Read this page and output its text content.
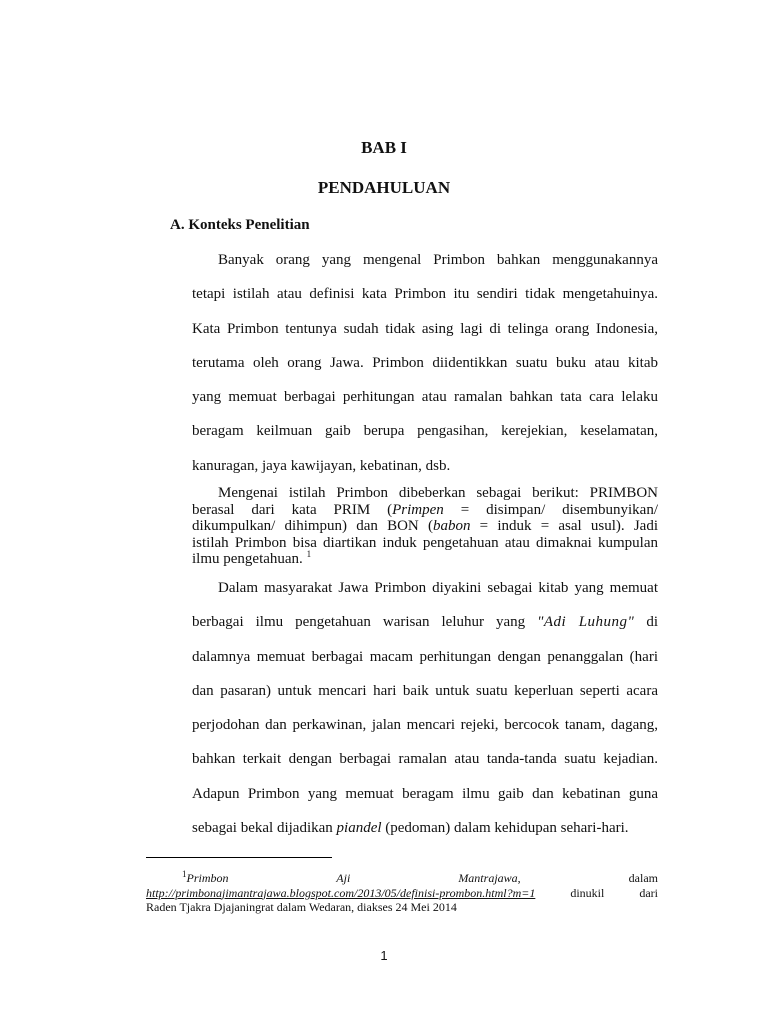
BAB I
PENDAHULUAN
A. Konteks Penelitian
Banyak orang yang mengenal Primbon bahkan menggunakannya
tetapi istilah atau definisi kata Primbon itu sendiri tidak mengetahuinya.
Kata Primbon tentunya sudah tidak asing lagi di telinga orang Indonesia,
terutama oleh orang Jawa. Primbon diidentikkan suatu buku atau kitab
yang memuat berbagai perhitungan atau ramalan bahkan tata cara lelaku
beragam keilmuan gaib berupa pengasihan, kerejekian, keselamatan,
kanuragan, jaya kawijayan, kebatinan, dsb.
Mengenai istilah Primbon dibeberkan sebagai berikut: PRIMBON
berasal dari kata PRIM (Primpen = disimpan/ disembunyikan/
dikumpulkan/ dihimpun) dan BON (babon = induk = asal usul). Jadi
istilah Primbon bisa diartikan induk pengetahuan atau dimaknai kumpulan
ilmu pengetahuan. $^1$
Dalam masyarakat Jawa Primbon diyakini sebagai kitab yang memuat
berbagai ilmu pengetahuan warisan leluhur yang "Adi Luhung" di
dalamnya memuat berbagai macam perhitungan dengan penanggalan (hari
dan pasaran) untuk mencari hari baik untuk suatu keperluan seperti acara
perjodohan dan perkawinan, jalan mencari rejeki, bercocok tanam, dagang,
bahkan terkait dengan berbagai ramalan atau tanda-tanda suatu kejadian.
Adapun Primbon yang memuat beragam ilmu gaib dan kebatinan guna
sebagai bekal dijadikan piandel (pedoman) dalam kehidupan sehari-hari.
$^1$Primbon Aji Mantrajawa, dalam
http://primbonajimantrajawa.blogspot.com/2013/05/definisi-prombon.html?m=1 dinukil dari
Raden Tjakra Djajaningrat dalam Wedaran, diakses 24 Mei 2014
1
